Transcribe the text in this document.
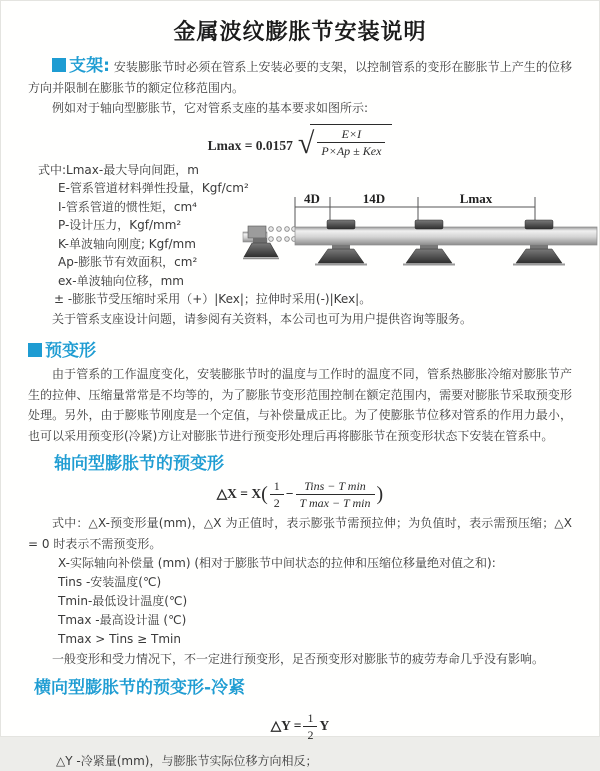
金属波纹膨胀节安装说明

支架: 安装膨胀节时必须在管系上安装必要的支架，以控制管系的变形在膨胀节上产生的位移方向并限制在膨胀节的额定位移范围内。

例如对于轴向型膨胀节，它对管系支座的基本要求如图所示:

Lmax = 0.0157 √ $\frac{E\times I}{\text{P×Ap ± Kex}}$
式中:Lmax-最大导向间距，m
E-管系管道材料弹性投量，Kgf/cm²
I-管系管道的惯性矩，cm⁴
P-设计压力，Kgf/mm²
K-单波轴向刚度; Kgf/mm
Ap-膨胀节有效面积，cm²
ex-单波轴向位移，mm
± -膨胀节受压缩时采用（+）|Kex|；拉伸时采用(-)|Kex|。

关于管系支座设计问题，请参阅有关资料，本公司也可为用户提供咨询等服务。

4D	14D	Lmax
预变形

由于管系的工作温度变化，安装膨胀节时的温度与工作时的温度不同，管系热膨胀冷缩对膨胀节产生的拉伸、压缩量常常是不均等的，为了膨胀节变形范围控制在额定范围内，需要对膨胀节采取预变形处理。另外，由于膨账节刚度是一个定值，与补偿量成正比。为了使膨胀节位移对管系的作用力最小，也可以采用预变形(冷紧)方让对膨胀节进行预变形处理后再将膨胀节在预变形状态下安装在管系中。

轴向型膨胀节的预变形
△X = $X( \frac{1}{2} - \frac{\text{Tins − T min}}{\text{T max − T min}}$ )

式中：△X-预变形量(mm)，△X 为正值时，表示膨张节需预拉伸；为负值时，表示需预压缩；△X = 0 时表示不需预变形。

X-实际轴向补偿量 (mm) (相对于膨胀节中间状态的拉伸和压缩位移量绝对值之和):
Tins -安装温度(℃)
Tmin-最低设计温度(℃)
Tmax -最高设计温 (℃)
Tmax > Tins ≥ Tmin

一般变形和受力情况下，不一定进行预变形，足否预变形对膨胀节的疲劳寿命几乎没有影响。

横向型膨胀节的预变形-冷紧
△Y = $\frac{1}{2}$ Y
△Y -冷紧量(mm)，与膨胀节实际位移方向相反；
